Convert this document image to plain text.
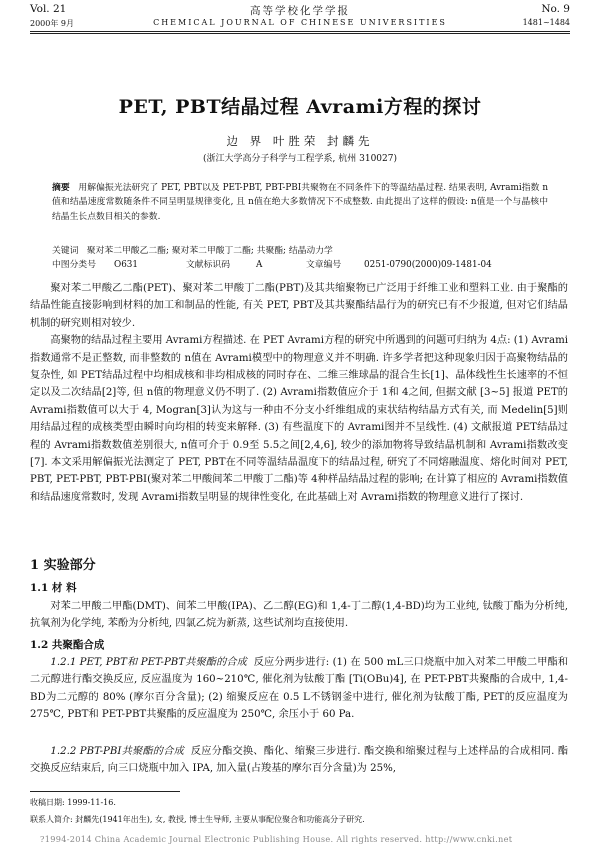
Vol. 21	高等学校化学学报	No. 9
2000年 9月	CHEMICAL JOURNAL OF CHINESE UNIVERSITIES	1481~1484
PET, PBT结晶过程 Avrami方程的探讨
边 界 叶胜荣 封麟先
(浙江大学高分子科学与工程学系, 杭州 310027)

摘要 用解偏振光法研究了 PET, PBT以及 PET-PBT, PBT-PBI共聚物在不同条件下的等温结晶过程. 结果表明, Avrami指数 n值和结晶速度常数随条件不同呈明显规律变化, 且 n值在绝大多数情况下不成整数. 由此提出了这样的假设: n值是一个与晶核中结晶生长点数目相关的参数.

关键词 聚对苯二甲酸乙二酯; 聚对苯二甲酸丁二酯; 共聚酯; 结晶动力学
中图分类号 O631	文献标识码	A	文章编号	0251-0790(2000)09-1481-04

聚对苯二甲酸乙二酯(PET)、聚对苯二甲酸丁二酯(PBT)及其共缩聚物已广泛用于纤维工业和塑料工业. 由于聚酯的结晶性能直接影响到材料的加工和制品的性能, 有关 PET, PBT及其共聚酯结晶行为的研究已有不少报道, 但对它们结晶机制的研究则相对较少.

高聚物的结晶过程主要用 Avrami方程描述. 在 PET Avrami方程的研究中所遇到的问题可归纳为 4点: (1) Avrami指数通常不是正整数, 而非整数的 n值在 Avrami模型中的物理意义并不明确. 许多学者把这种现象归因于高聚物结晶的复杂性, 如 PET结晶过程中均相成核和非均相成核的同时存在、二维三维球晶的混合生长[1]、晶体线性生长速率的不恒定以及二次结晶[2]等, 但 n值的物理意义仍不明了. (2) Avrami指数值应介于 1和 4之间, 但据文献 [3~5] 报道 PET的 Avrami指数值可以大于 4, Mogran[3]认为这与一种由不分支小纤维组成的束状结构结晶方式有关, 而 Medelin[5]则用结晶过程的成核类型由瞬时向均相的转变来解释. (3) 有些温度下的 Avrami图并不呈线性. (4) 文献报道 PET结晶过程的 Avrami指数数值差别很大, n值可介于 0.9至 5.5之间[2,4,6], 较少的添加物将导致结晶机制和 Avrami指数改变[7]. 本文采用解偏振光法测定了 PET, PBT在不同等温结晶温度下的结晶过程, 研究了不同熔融温度、熔化时间对 PET, PBT, PET-PBT, PBT-PBI(聚对苯二甲酸间苯二甲酸丁二酯)等 4种样品结晶过程的影响; 在计算了相应的 Avrami指数值和结晶速度常数时, 发现 Avrami指数呈明显的规律性变化, 在此基础上对 Avrami指数的物理意义进行了探讨.

1 实验部分
1.1 材 料

对苯二甲酸二甲酯(DMT)、间苯二甲酸(IPA)、乙二醇(EG)和 1,4-丁二醇(1,4-BD)均为工业纯, 钛酸丁酯为分析纯, 抗氧剂为化学纯, 苯酚为分析纯, 四氯乙烷为新蒸, 这些试剂均直接使用.

1.2 共聚酯合成

1.2.1 PET, PBT和 PET-PBT共聚酯的合成 反应分两步进行: (1) 在 500 mL三口烧瓶中加入对苯二甲酸二甲酯和二元醇进行酯交换反应, 反应温度为 160~210℃, 催化剂为钛酸丁酯 [Ti(OBu)4], 在 PET-PBT共聚酯的合成中, 1,4-BD为二元醇的 80% (摩尔百分含量); (2) 缩聚反应在 0.5 L不锈钢釜中进行, 催化剂为钛酸丁酯, PET的反应温度为 275℃, PBT和 PET-PBT共聚酯的反应温度为 250℃, 余压小于 60 Pa.

1.2.2 PBT-PBI共聚酯的合成 反应分酯交换、酯化、缩聚三步进行. 酯交换和缩聚过程与上述样品的合成相同. 酯交换反应结束后, 向三口烧瓶中加入 IPA, 加入量(占羧基的摩尔百分含量)为 25%,

收稿日期: 1999-11-16.
联系人简介: 封麟先(1941年出生), 女, 教授, 博士生导师, 主要从事配位聚合和功能高分子研究.
?1994-2014 China Academic Journal Electronic Publishing House. All rights reserved. http://www.cnki.net
